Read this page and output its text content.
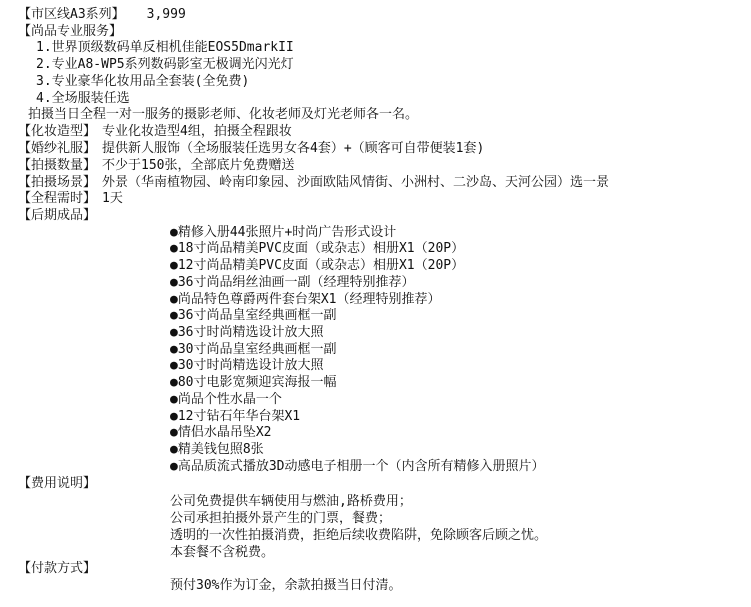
【市区线A3系列】 3,999
【尚品专业服务】
1.世界顶级数码单反相机佳能EOS5DmarkII
2.专业A8-WP5系列数码影室无极调光闪光灯
3.专业豪华化妆用品全套装(全免费)
4.全场服装任选
拍摄当日全程一对一服务的摄影老师、化妆老师及灯光老师各一名。
【化妆造型】 专业化妆造型4组，拍摄全程跟妆
【婚纱礼服】 提供新人服饰（全场服装任选男女各4套）+（顾客可自带便装1套)
【拍摄数量】 不少于150张，全部底片免费赠送
【拍摄场景】 外景（华南植物园、岭南印象园、沙面欧陆风情街、小洲村、二沙岛、天河公园）选一景
【全程需时】 1天
【后期成品】
●精修入册44张照片+时尚广告形式设计
●18寸尚品精美PVC皮面（或杂志）相册X1（20P）
●12寸尚品精美PVC皮面（或杂志）相册X1（20P）
●36寸尚品绢丝油画一副（经理特别推荐）
●尚品特色尊爵两件套台架X1（经理特别推荐）
●36寸尚品皇室经典画框一副
●36寸时尚精选设计放大照
●30寸尚品皇室经典画框一副
●30寸时尚精选设计放大照
●80寸电影宽频迎宾海报一幅
●尚品个性水晶一个
●12寸钻石年华台架X1
●情侣水晶吊坠X2
●精美钱包照8张
●高品质流式播放3D动感电子相册一个（内含所有精修入册照片）
【费用说明】
公司免费提供车辆使用与燃油,路桥费用；
公司承担拍摄外景产生的门票，餐费；
透明的一次性拍摄消费，拒绝后续收费陷阱，免除顾客后顾之忧。
本套餐不含税费。
【付款方式】
预付30%作为订金，余款拍摄当日付清。
